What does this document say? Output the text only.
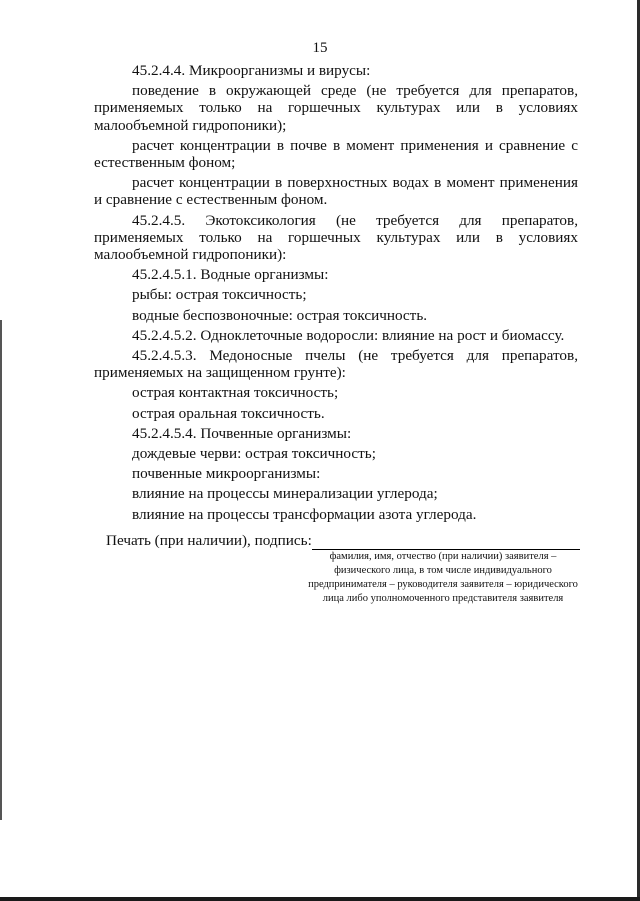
15

45.2.4.4. Микроорганизмы и вирусы:

поведение в окружающей среде (не требуется для препаратов, применяемых только на горшечных культурах или в условиях малообъемной гидропоники);

расчет концентрации в почве в момент применения и сравнение с естественным фоном;

расчет концентрации в поверхностных водах в момент применения и сравнение с естественным фоном.

45.2.4.5. Экотоксикология (не требуется для препаратов, применяемых только на горшечных культурах или в условиях малообъемной гидропоники):

45.2.4.5.1. Водные организмы:

рыбы: острая токсичность;

водные беспозвоночные: острая токсичность.

45.2.4.5.2. Одноклеточные водоросли: влияние на рост и биомассу.

45.2.4.5.3. Медоносные пчелы (не требуется для препаратов, применяемых на защищенном грунте):

острая контактная токсичность;

острая оральная токсичность.

45.2.4.5.4. Почвенные организмы:

дождевые черви: острая токсичность;

почвенные микроорганизмы:

влияние на процессы минерализации углерода;

влияние на процессы трансформации азота углерода.

Печать (при наличии), подпись:
фамилия, имя, отчество (при наличии) заявителя – физического лица, в том числе индивидуального предпринимателя – руководителя заявителя – юридического лица либо уполномоченного представителя заявителя
